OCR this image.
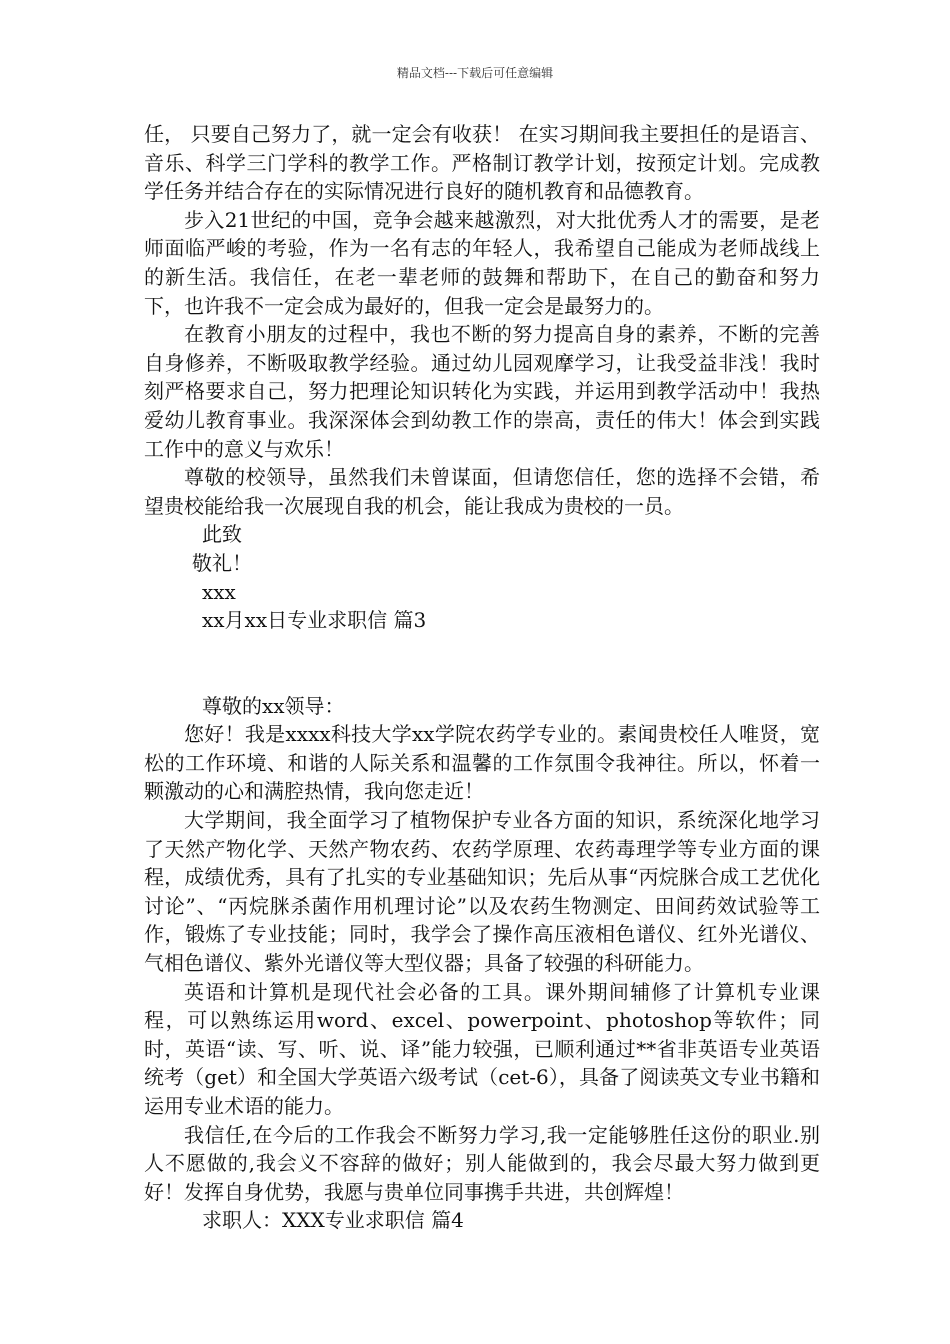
精品文档---下载后可任意编辑

任， 只要自己努力了，就一定会有收获！ 在实习期间我主要担任的是语言、音乐、科学三门学科的教学工作。严格制订教学计划，按预定计划。完成教学任务并结合存在的实际情况进行良好的随机教育和品德教育。

步入21世纪的中国，竞争会越来越激烈，对大批优秀人才的需要，是老师面临严峻的考验，作为一名有志的年轻人，我希望自己能成为老师战线上的新生活。我信任，在老一辈老师的鼓舞和帮助下，在自己的勤奋和努力下，也许我不一定会成为最好的，但我一定会是最努力的。

在教育小朋友的过程中，我也不断的努力提高自身的素养，不断的完善自身修养，不断吸取教学经验。通过幼儿园观摩学习，让我受益非浅！我时刻严格要求自己，努力把理论知识转化为实践，并运用到教学活动中！我热爱幼儿教育事业。我深深体会到幼教工作的崇高，责任的伟大！体会到实践工作中的意义与欢乐！

尊敬的校领导，虽然我们未曾谋面，但请您信任，您的选择不会错，希望贵校能给我一次展现自我的机会，能让我成为贵校的一员。

此致

敬礼！

xxx

xx月xx日专业求职信 篇3

尊敬的xx领导：

您好！我是xxxx科技大学xx学院农药学专业的。素闻贵校任人唯贤，宽松的工作环境、和谐的人际关系和温馨的工作氛围令我神往。所以，怀着一颗激动的心和满腔热情，我向您走近！

大学期间，我全面学习了植物保护专业各方面的知识，系统深化地学习了天然产物化学、天然产物农药、农药学原理、农药毒理学等专业方面的课程，成绩优秀，具有了扎实的专业基础知识；先后从事“丙烷脒合成工艺优化讨论”、“丙烷脒杀菌作用机理讨论”以及农药生物测定、田间药效试验等工作，锻炼了专业技能；同时，我学会了操作高压液相色谱仪、红外光谱仪、气相色谱仪、紫外光谱仪等大型仪器；具备了较强的科研能力。

英语和计算机是现代社会必备的工具。课外期间辅修了计算机专业课程，可以熟练运用word、excel、powerpoint、photoshop等软件；同时，英语“读、写、听、说、译”能力较强，已顺利通过**省非英语专业英语统考（get）和全国大学英语六级考试（cet-6），具备了阅读英文专业书籍和运用专业术语的能力。

我信任,在今后的工作我会不断努力学习,我一定能够胜任这份的职业.别人不愿做的,我会义不容辞的做好；别人能做到的，我会尽最大努力做到更好！发挥自身优势，我愿与贵单位同事携手共进，共创辉煌！

求职人：XXX专业求职信 篇4
